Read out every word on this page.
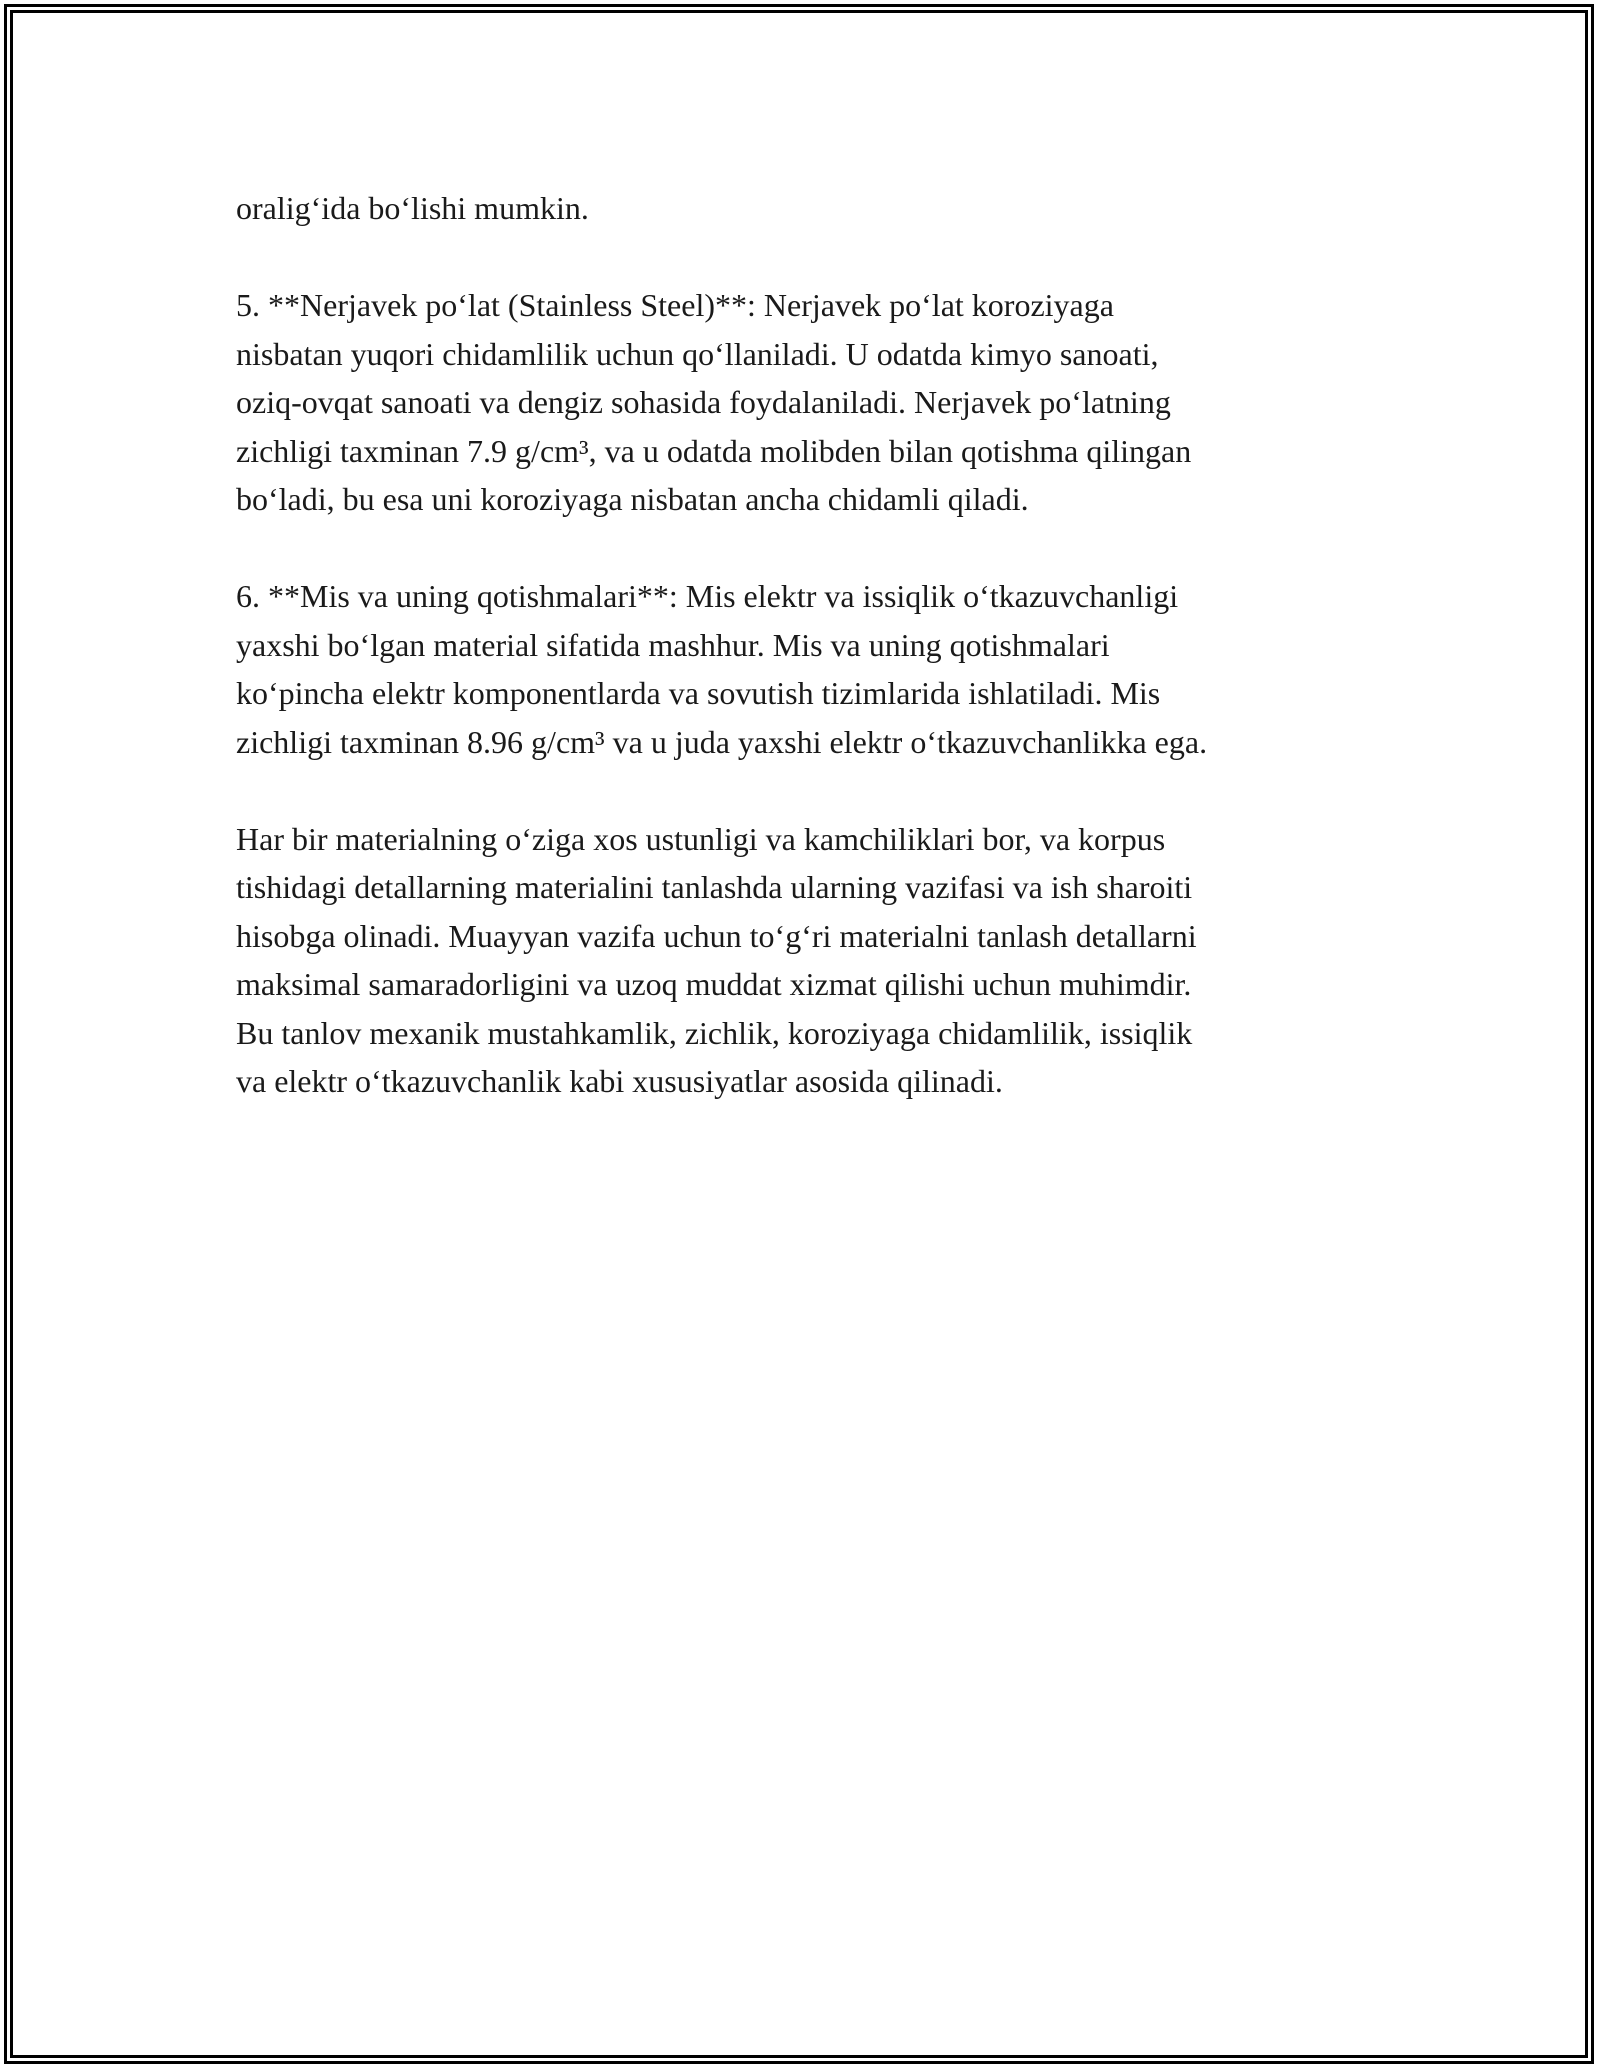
oralig‘ida bo‘lishi mumkin.

5. **Nerjavek po‘lat (Stainless Steel)**: Nerjavek po‘lat koroziyaga
nisbatan yuqori chidamlilik uchun qo‘llaniladi. U odatda kimyo sanoati,
oziq-ovqat sanoati va dengiz sohasida foydalaniladi. Nerjavek po‘latning
zichligi taxminan 7.9 g/cm³, va u odatda molibden bilan qotishma qilingan
bo‘ladi, bu esa uni koroziyaga nisbatan ancha chidamli qiladi.

6. **Mis va uning qotishmalari**: Mis elektr va issiqlik o‘tkazuvchanligi
yaxshi bo‘lgan material sifatida mashhur. Mis va uning qotishmalari
ko‘pincha elektr komponentlarda va sovutish tizimlarida ishlatiladi. Mis
zichligi taxminan 8.96 g/cm³ va u juda yaxshi elektr o‘tkazuvchanlikka ega.

Har bir materialning o‘ziga xos ustunligi va kamchiliklari bor, va korpus
tishidagi detallarning materialini tanlashda ularning vazifasi va ish sharoiti
hisobga olinadi. Muayyan vazifa uchun to‘g‘ri materialni tanlash detallarni
maksimal samaradorligini va uzoq muddat xizmat qilishi uchun muhimdir.
Bu tanlov mexanik mustahkamlik, zichlik, koroziyaga chidamlilik, issiqlik
va elektr o‘tkazuvchanlik kabi xususiyatlar asosida qilinadi.
